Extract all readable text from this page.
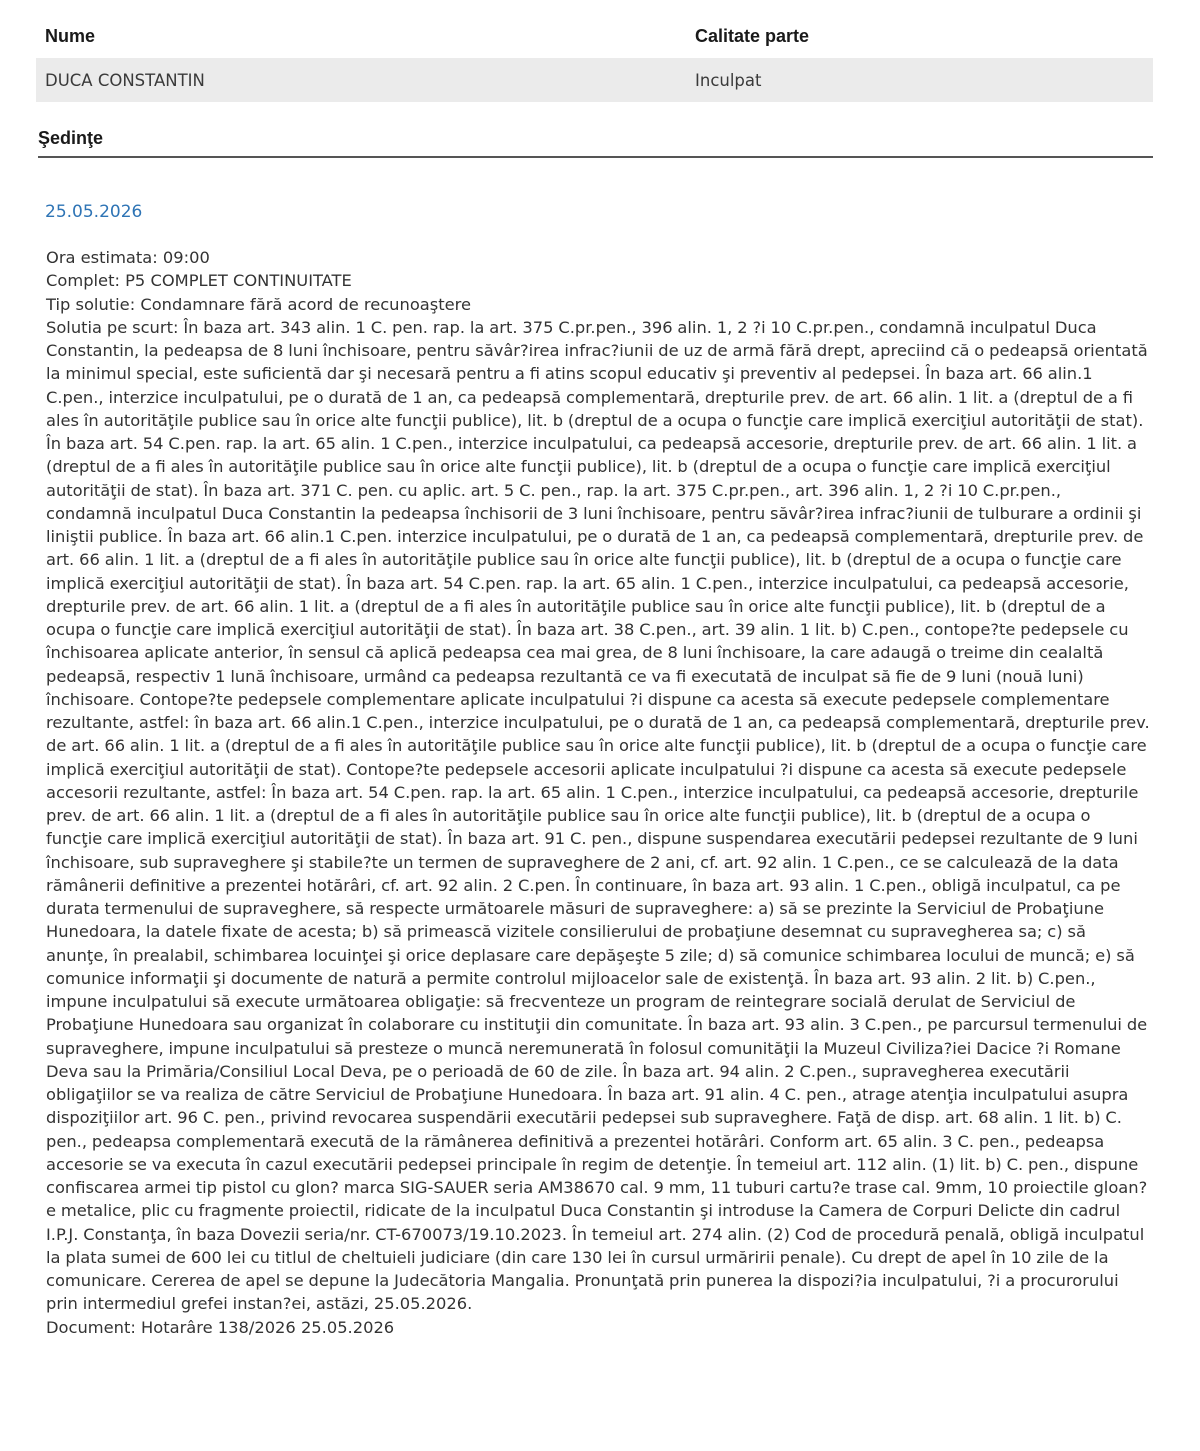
Nume	Calitate parte
DUCA CONSTANTIN	Inculpat
Şedinţe
25.05.2026

Ora estimata: 09:00

Complet: P5 COMPLET CONTINUITATE

Tip solutie: Condamnare fără acord de recunoaştere

Solutia pe scurt: În baza art. 343 alin. 1 C. pen. rap. la art. 375 C.pr.pen., 396 alin. 1, 2 ?i 10 C.pr.pen., condamnă inculpatul Duca Constantin, la pedeapsa de 8 luni închisoare, pentru săvâr?irea infrac?iunii de uz de armă fără drept, apreciind că o pedeapsă orientată la minimul special, este suficientă dar şi necesară pentru a fi atins scopul educativ şi preventiv al pedepsei. În baza art. 66 alin.1 C.pen., interzice inculpatului, pe o durată de 1 an, ca pedeapsă complementară, drepturile prev. de art. 66 alin. 1 lit. a (dreptul de a fi ales în autorităţile publice sau în orice alte funcţii publice), lit. b (dreptul de a ocupa o funcţie care implică exerciţiul autorităţii de stat). În baza art. 54 C.pen. rap. la art. 65 alin. 1 C.pen., interzice inculpatului, ca pedeapsă accesorie, drepturile prev. de art. 66 alin. 1 lit. a (dreptul de a fi ales în autorităţile publice sau în orice alte funcţii publice), lit. b (dreptul de a ocupa o funcţie care implică exerciţiul autorităţii de stat). În baza art. 371 C. pen. cu aplic. art. 5 C. pen., rap. la art. 375 C.pr.pen., art. 396 alin. 1, 2 ?i 10 C.pr.pen., condamnă inculpatul Duca Constantin la pedeapsa închisorii de 3 luni închisoare, pentru săvâr?irea infrac?iunii de tulburare a ordinii şi liniştii publice. În baza art. 66 alin.1 C.pen. interzice inculpatului, pe o durată de 1 an, ca pedeapsă complementară, drepturile prev. de art. 66 alin. 1 lit. a (dreptul de a fi ales în autorităţile publice sau în orice alte funcţii publice), lit. b (dreptul de a ocupa o funcţie care implică exerciţiul autorităţii de stat). În baza art. 54 C.pen. rap. la art. 65 alin. 1 C.pen., interzice inculpatului, ca pedeapsă accesorie, drepturile prev. de art. 66 alin. 1 lit. a (dreptul de a fi ales în autorităţile publice sau în orice alte funcţii publice), lit. b (dreptul de a ocupa o funcţie care implică exerciţiul autorităţii de stat). În baza art. 38 C.pen., art. 39 alin. 1 lit. b) C.pen., contope?te pedepsele cu închisoarea aplicate anterior, în sensul că aplică pedeapsa cea mai grea, de 8 luni închisoare, la care adaugă o treime din cealaltă pedeapsă, respectiv 1 lună închisoare, urmând ca pedeapsa rezultantă ce va fi executată de inculpat să fie de 9 luni (nouă luni) închisoare. Contope?te pedepsele complementare aplicate inculpatului ?i dispune ca acesta să execute pedepsele complementare rezultante, astfel: în baza art. 66 alin.1 C.pen., interzice inculpatului, pe o durată de 1 an, ca pedeapsă complementară, drepturile prev. de art. 66 alin. 1 lit. a (dreptul de a fi ales în autorităţile publice sau în orice alte funcţii publice), lit. b (dreptul de a ocupa o funcţie care implică exerciţiul autorităţii de stat). Contope?te pedepsele accesorii aplicate inculpatului ?i dispune ca acesta să execute pedepsele accesorii rezultante, astfel: În baza art. 54 C.pen. rap. la art. 65 alin. 1 C.pen., interzice inculpatului, ca pedeapsă accesorie, drepturile prev. de art. 66 alin. 1 lit. a (dreptul de a fi ales în autorităţile publice sau în orice alte funcţii publice), lit. b (dreptul de a ocupa o funcţie care implică exerciţiul autorităţii de stat). În baza art. 91 C. pen., dispune suspendarea executării pedepsei rezultante de 9 luni închisoare, sub supraveghere şi stabile?te un termen de supraveghere de 2 ani, cf. art. 92 alin. 1 C.pen., ce se calculează de la data rămânerii definitive a prezentei hotărâri, cf. art. 92 alin. 2 C.pen. În continuare, în baza art. 93 alin. 1 C.pen., obligă inculpatul, ca pe durata termenului de supraveghere, să respecte următoarele măsuri de supraveghere: a) să se prezinte la Serviciul de Probaţiune Hunedoara, la datele fixate de acesta; b) să primească vizitele consilierului de probaţiune desemnat cu supravegherea sa; c) să anunţe, în prealabil, schimbarea locuinţei şi orice deplasare care depăşeşte 5 zile; d) să comunice schimbarea locului de muncă; e) să comunice informaţii şi documente de natură a permite controlul mijloacelor sale de existenţă. În baza art. 93 alin. 2 lit. b) C.pen., impune inculpatului să execute următoarea obligaţie: să frecventeze un program de reintegrare socială derulat de Serviciul de Probaţiune Hunedoara sau organizat în colaborare cu instituţii din comunitate. În baza art. 93 alin. 3 C.pen., pe parcursul termenului de supraveghere, impune inculpatului să presteze o muncă neremunerată în folosul comunităţii la Muzeul Civiliza?iei Dacice ?i Romane Deva sau la Primăria/Consiliul Local Deva, pe o perioadă de 60 de zile. În baza art. 94 alin. 2 C.pen., supravegherea executării obligaţiilor se va realiza de către Serviciul de Probaţiune Hunedoara. În baza art. 91 alin. 4 C. pen., atrage atenţia inculpatului asupra dispoziţiilor art. 96 C. pen., privind revocarea suspendării executării pedepsei sub supraveghere. Faţă de disp. art. 68 alin. 1 lit. b) C. pen., pedeapsa complementară execută de la rămânerea definitivă a prezentei hotărâri. Conform art. 65 alin. 3 C. pen., pedeapsa accesorie se va executa în cazul executării pedepsei principale în regim de detenţie. În temeiul art. 112 alin. (1) lit. b) C. pen., dispune confiscarea armei tip pistol cu glon? marca SIG-SAUER seria AM38670 cal. 9 mm, 11 tuburi cartu?e trase cal. 9mm, 10 proiectile gloan?e metalice, plic cu fragmente proiectil, ridicate de la inculpatul Duca Constantin şi introduse la Camera de Corpuri Delicte din cadrul I.P.J. Constanţa, în baza Dovezii seria/nr. CT-670073/19.10.2023. În temeiul art. 274 alin. (2) Cod de procedură penală, obligă inculpatul la plata sumei de 600 lei cu titlul de cheltuieli judiciare (din care 130 lei în cursul urmăririi penale). Cu drept de apel în 10 zile de la comunicare. Cererea de apel se depune la Judecătoria Mangalia. Pronunţată prin punerea la dispozi?ia inculpatului, ?i a procurorului prin intermediul grefei instan?ei, astăzi, 25.05.2026.

Document: Hotarâre 138/2026 25.05.2026
